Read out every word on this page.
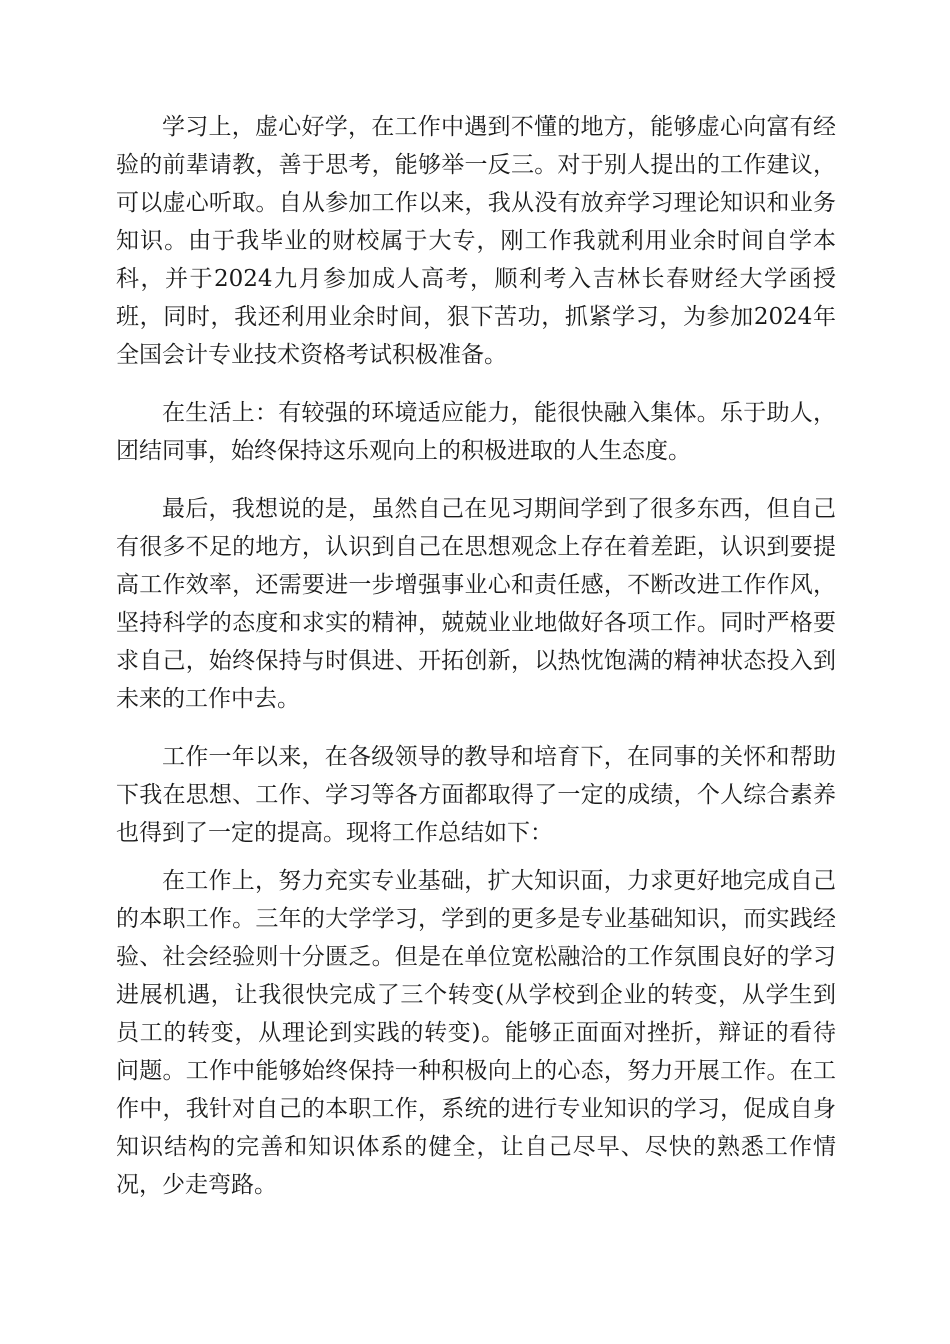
学习上，虚心好学，在工作中遇到不懂的地方，能够虚心向富有经验的前辈请教，善于思考，能够举一反三。对于别人提出的工作建议，可以虚心听取。自从参加工作以来，我从没有放弃学习理论知识和业务知识。由于我毕业的财校属于大专，刚工作我就利用业余时间自学本科，并于2024九月参加成人高考，顺利考入吉林长春财经大学函授班，同时，我还利用业余时间，狠下苦功，抓紧学习，为参加2024年全国会计专业技术资格考试积极准备。

在生活上：有较强的环境适应能力，能很快融入集体。乐于助人，团结同事，始终保持这乐观向上的积极进取的人生态度。

最后，我想说的是，虽然自己在见习期间学到了很多东西，但自己有很多不足的地方，认识到自己在思想观念上存在着差距，认识到要提高工作效率，还需要进一步增强事业心和责任感，不断改进工作作风，坚持科学的态度和求实的精神，兢兢业业地做好各项工作。同时严格要求自己，始终保持与时俱进、开拓创新，以热忱饱满的精神状态投入到未来的工作中去。

工作一年以来，在各级领导的教导和培育下，在同事的关怀和帮助下我在思想、工作、学习等各方面都取得了一定的成绩，个人综合素养也得到了一定的提高。现将工作总结如下：

在工作上，努力充实专业基础，扩大知识面，力求更好地完成自己的本职工作。三年的大学学习，学到的更多是专业基础知识，而实践经验、社会经验则十分匮乏。但是在单位宽松融洽的工作氛围良好的学习进展机遇，让我很快完成了三个转变(从学校到企业的转变，从学生到员工的转变，从理论到实践的转变)。能够正面面对挫折，辩证的看待问题。工作中能够始终保持一种积极向上的心态，努力开展工作。在工作中，我针对自己的本职工作，系统的进行专业知识的学习，促成自身知识结构的完善和知识体系的健全，让自己尽早、尽快的熟悉工作情况，少走弯路。
